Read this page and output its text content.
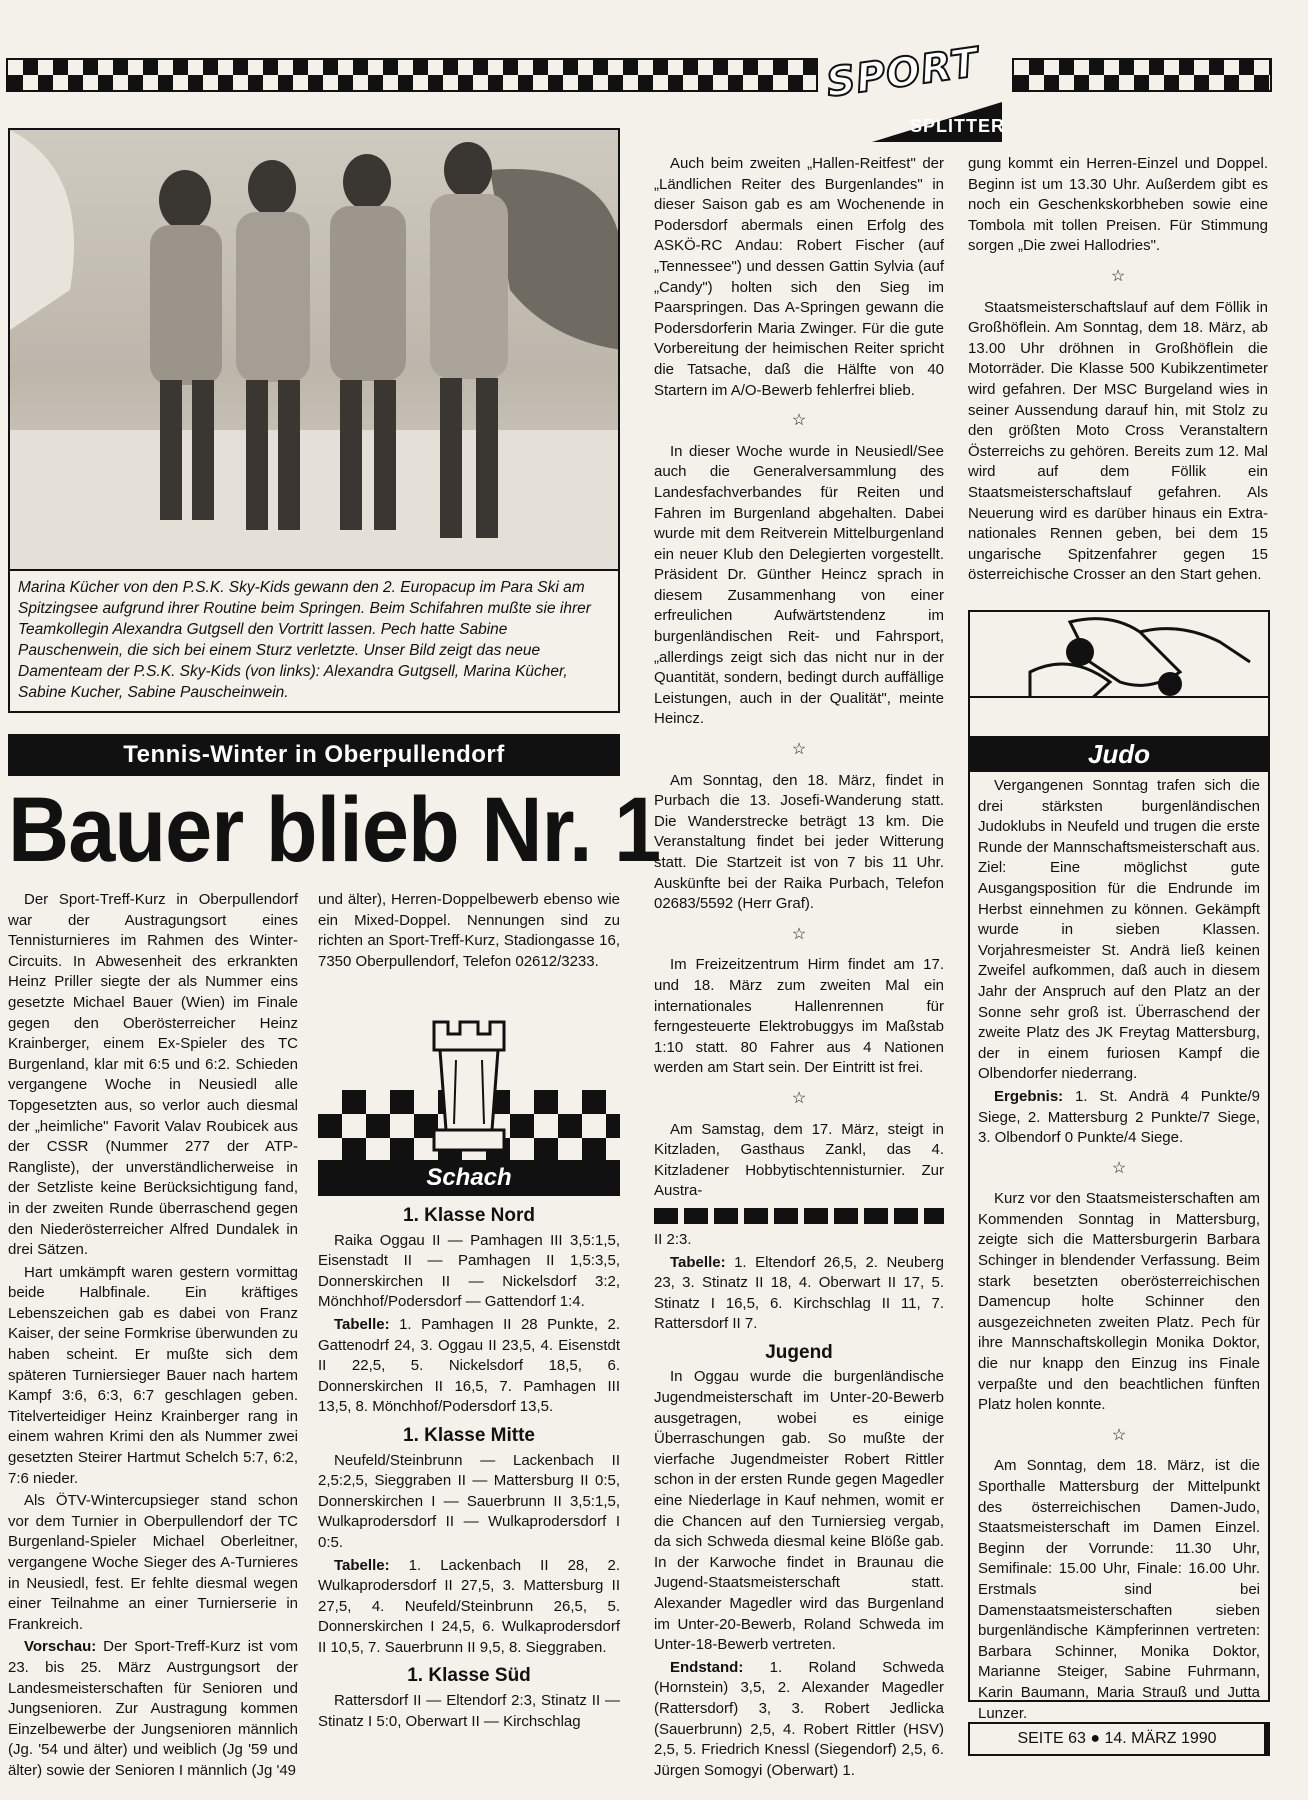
SPORT
SPLITTER
Marina Kücher von den P.S.K. Sky-Kids gewann den 2. Europacup im Para Ski am Spitzingsee aufgrund ihrer Routine beim Springen. Beim Schifahren mußte sie ihrer Teamkollegin Alexandra Gutgsell den Vortritt lassen. Pech hatte Sabine Pauschenwein, die sich bei einem Sturz verletzte. Unser Bild zeigt das neue Damenteam der P.S.K. Sky-Kids (von links): Alexandra Gutgsell, Marina Kücher, Sabine Kucher, Sabine Pauscheinwein.
Tennis-Winter in Oberpullendorf
Bauer blieb Nr. 1

Der Sport-Treff-Kurz in Oberpullendorf war der Austragungsort eines Tennisturnieres im Rahmen des Winter-Circuits. In Abwesenheit des erkrankten Heinz Priller siegte der als Nummer eins gesetzte Michael Bauer (Wien) im Finale gegen den Oberösterreicher Heinz Krainberger, einem Ex-Spieler des TC Burgenland, klar mit 6:5 und 6:2. Schieden vergangene Woche in Neusiedl alle Topgesetzten aus, so verlor auch diesmal der „heimliche" Favorit Valav Roubicek aus der CSSR (Nummer 277 der ATP-Rangliste), der unverständlicherweise in der Setzliste keine Berücksichtigung fand, in der zweiten Runde überraschend gegen den Niederösterreicher Alfred Dundalek in drei Sätzen.

Hart umkämpft waren gestern vormittag beide Halbfinale. Ein kräftiges Lebenszeichen gab es dabei von Franz Kaiser, der seine Formkrise überwunden zu haben scheint. Er mußte sich dem späteren Turniersieger Bauer nach hartem Kampf 3:6, 6:3, 6:7 geschlagen geben. Titelverteidiger Heinz Krainberger rang in einem wahren Krimi den als Nummer zwei gesetzten Steirer Hartmut Schelch 5:7, 6:2, 7:6 nieder.

Als ÖTV-Wintercupsieger stand schon vor dem Turnier in Oberpullendorf der TC Burgenland-Spieler Michael Oberleitner, vergangene Woche Sieger des A-Turnieres in Neusiedl, fest. Er fehlte diesmal wegen einer Teilnahme an einer Turnierserie in Frankreich.

Vorschau: Der Sport-Treff-Kurz ist vom 23. bis 25. März Austrgungsort der Landesmeisterschaften für Senioren und Jungsenioren. Zur Austragung kommen Einzelbewerbe der Jungsenioren männlich (Jg. '54 und älter) und weiblich (Jg '59 und älter) sowie der Senioren I männlich (Jg '49

und älter), Herren-Doppelbewerb ebenso wie ein Mixed-Doppel. Nennungen sind zu richten an Sport-Treff-Kurz, Stadiongasse 16, 7350 Oberpullendorf, Telefon 02612/3233.

Schach
1. Klasse Nord

Raika Oggau II — Pamhagen III 3,5:1,5, Eisenstadt II — Pamhagen II 1,5:3,5, Donnerskirchen II — Nickelsdorf 3:2, Mönchhof/Podersdorf — Gattendorf 1:4.

Tabelle: 1. Pamhagen II 28 Punkte, 2. Gattenodrf 24, 3. Oggau II 23,5, 4. Eisenstdt II 22,5, 5. Nickelsdorf 18,5, 6. Donnerskirchen II 16,5, 7. Pamhagen III 13,5, 8. Mönchhof/Podersdorf 13,5.

1. Klasse Mitte

Neufeld/Steinbrunn — Lackenbach II 2,5:2,5, Sieggraben II — Mattersburg II 0:5, Donnerskirchen I — Sauerbrunn II 3,5:1,5, Wulkaprodersdorf II — Wulkaprodersdorf I 0:5.

Tabelle: 1. Lackenbach II 28, 2. Wulkaprodersdorf II 27,5, 3. Mattersburg II 27,5, 4. Neufeld/Steinbrunn 26,5, 5. Donnerskirchen I 24,5, 6. Wulkaprodersdorf II 10,5, 7. Sauerbrunn II 9,5, 8. Sieggraben.

1. Klasse Süd

Rattersdorf II — Eltendorf 2:3, Stinatz II — Stinatz I 5:0, Oberwart II — Kirchschlag

Auch beim zweiten „Hallen-Reitfest" der „Ländlichen Reiter des Burgenlandes" in dieser Saison gab es am Wochenende in Podersdorf abermals einen Erfolg des ASKÖ-RC Andau: Robert Fischer (auf „Tennessee") und dessen Gattin Sylvia (auf „Candy") holten sich den Sieg im Paarspringen. Das A-Springen gewann die Podersdorferin Maria Zwinger. Für die gute Vorbereitung der heimischen Reiter spricht die Tatsache, daß die Hälfte von 40 Startern im A/O-Bewerb fehlerfrei blieb.

☆

In dieser Woche wurde in Neusiedl/See auch die Generalversammlung des Landesfachverbandes für Reiten und Fahren im Burgenland abgehalten. Dabei wurde mit dem Reitverein Mittelburgenland ein neuer Klub den Delegierten vorgestellt. Präsident Dr. Günther Heincz sprach in diesem Zusammenhang von einer erfreulichen Aufwärtstendenz im burgenländischen Reit- und Fahrsport, „allerdings zeigt sich das nicht nur in der Quantität, sondern, bedingt durch auffällige Leistungen, auch in der Qualität", meinte Heincz.

☆

Am Sonntag, den 18. März, findet in Purbach die 13. Josefi-Wanderung statt. Die Wanderstrecke beträgt 13 km. Die Veranstaltung findet bei jeder Witterung statt. Die Startzeit ist von 7 bis 11 Uhr. Auskünfte bei der Raika Purbach, Telefon 02683/5592 (Herr Graf).

☆

Im Freizeitzentrum Hirm findet am 17. und 18. März zum zweiten Mal ein internationales Hallenrennen für ferngesteuerte Elektrobuggys im Maßstab 1:10 statt. 80 Fahrer aus 4 Nationen werden am Start sein. Der Eintritt ist frei.

☆

Am Samstag, dem 17. März, steigt in Kitzladen, Gasthaus Zankl, das 4. Kitzladener Hobbytischtennisturnier. Zur Austra-

II 2:3.

Tabelle: 1. Eltendorf 26,5, 2. Neuberg 23, 3. Stinatz II 18, 4. Oberwart II 17, 5. Stinatz I 16,5, 6. Kirchschlag II 11, 7. Rattersdorf II 7.

Jugend

In Oggau wurde die burgenländische Jugendmeisterschaft im Unter-20-Bewerb ausgetragen, wobei es einige Überraschungen gab. So mußte der vierfache Jugendmeister Robert Rittler schon in der ersten Runde gegen Magedler eine Niederlage in Kauf nehmen, womit er die Chancen auf den Turniersieg vergab, da sich Schweda diesmal keine Blöße gab. In der Karwoche findet in Braunau die Jugend-Staatsmeisterschaft statt. Alexander Magedler wird das Burgenland im Unter-20-Bewerb, Roland Schweda im Unter-18-Bewerb vertreten.

Endstand: 1. Roland Schweda (Hornstein) 3,5, 2. Alexander Magedler (Rattersdorf) 3, 3. Robert Jedlicka (Sauerbrunn) 2,5, 4. Robert Rittler (HSV) 2,5, 5. Friedrich Knessl (Siegendorf) 2,5, 6. Jürgen Somogyi (Oberwart) 1.

gung kommt ein Herren-Einzel und Doppel. Beginn ist um 13.30 Uhr. Außerdem gibt es noch ein Geschenkskorbheben sowie eine Tombola mit tollen Preisen. Für Stimmung sorgen „Die zwei Hallodries".

☆

Staatsmeisterschaftslauf auf dem Föllik in Großhöflein. Am Sonntag, dem 18. März, ab 13.00 Uhr dröhnen in Großhöflein die Motorräder. Die Klasse 500 Kubikzentimeter wird gefahren. Der MSC Burgeland wies in seiner Aussendung darauf hin, mit Stolz zu den größten Moto Cross Veranstaltern Österreichs zu gehören. Bereits zum 12. Mal wird auf dem Föllik ein Staatsmeisterschaftslauf gefahren. Als Neuerung wird es darüber hinaus ein Extra-nationales Rennen geben, bei dem 15 ungarische Spitzenfahrer gegen 15 österreichische Crosser an den Start gehen.

Judo

Vergangenen Sonntag trafen sich die drei stärksten burgenländischen Judoklubs in Neufeld und trugen die erste Runde der Mannschaftsmeisterschaft aus. Ziel: Eine möglichst gute Ausgangsposition für die Endrunde im Herbst einnehmen zu können. Gekämpft wurde in sieben Klassen. Vorjahresmeister St. Andrä ließ keinen Zweifel aufkommen, daß auch in diesem Jahr der Anspruch auf den Platz an der Sonne sehr groß ist. Überraschend der zweite Platz des JK Freytag Mattersburg, der in einem furiosen Kampf die Olbendorfer niederrang.

Ergebnis: 1. St. Andrä 4 Punkte/9 Siege, 2. Mattersburg 2 Punkte/7 Siege, 3. Olbendorf 0 Punkte/4 Siege.

☆

Kurz vor den Staatsmeisterschaften am Kommenden Sonntag in Mattersburg, zeigte sich die Mattersburgerin Barbara Schinger in blendender Verfassung. Beim stark besetzten oberösterreichischen Damencup holte Schinner den ausgezeichneten zweiten Platz. Pech für ihre Mannschaftskollegin Monika Doktor, die nur knapp den Einzug ins Finale verpaßte und den beachtlichen fünften Platz holen konnte.

☆

Am Sonntag, dem 18. März, ist die Sporthalle Mattersburg der Mittelpunkt des österreichischen Damen-Judo, Staatsmeisterschaft im Damen Einzel. Beginn der Vorrunde: 11.30 Uhr, Semifinale: 15.00 Uhr, Finale: 16.00 Uhr. Erstmals sind bei Damenstaatsmeisterschaften sieben burgenländische Kämpferinnen vertreten: Barbara Schinner, Monika Doktor, Marianne Steiger, Sabine Fuhrmann, Karin Baumann, Maria Strauß und Jutta Lunzer.

SEITE 63 ● 14. MÄRZ 1990
